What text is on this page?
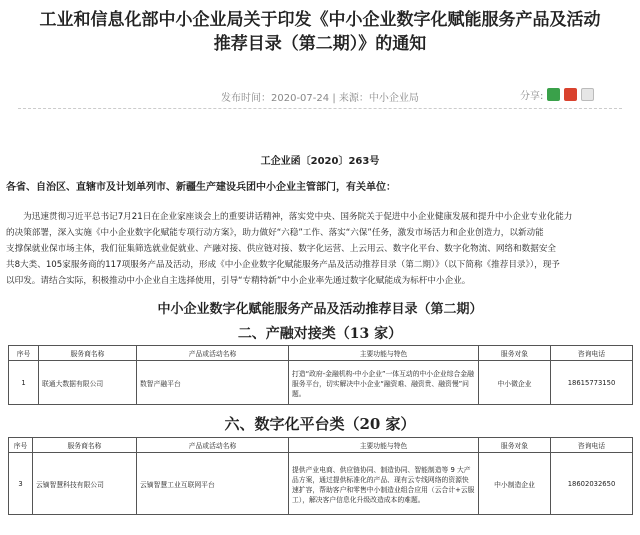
工业和信息化部中小企业局关于印发《中小企业数字化赋能服务产品及活动
推荐目录（第二期）》的通知
发布时间：2020-07-24 | 来源：中小企业局	分享:
工企业函〔2020〕263号
各省、自治区、直辖市及计划单列市、新疆生产建设兵团中小企业主管部门，有关单位：

为迅速贯彻习近平总书记7月21日在企业家座谈会上的重要讲话精神，落实党中央、国务院关于促进中小企业健康发展和提升中小企业专业化能力

的决策部署，深入实施《中小企业数字化赋能专项行动方案》，助力做好“六稳”工作、落实“六保”任务，激发市场活力和企业创造力，以新动能
支撑保就业保市场主体，我们征集筛选就业促就业、产融对接、供应链对接、数字化运营、上云用云、数字化平台、数字化物流、网络和数据安全
共8大类、105家服务商的117项服务产品及活动，形成《中小企业数字化赋能服务产品及活动推荐目录（第二期）》（以下简称《推荐目录》），现予
以印发。请结合实际，积极推动中小企业自主选择使用，引导“专精特新”中小企业率先通过数字化赋能成为标杆中小企业。
中小企业数字化赋能服务产品及活动推荐目录（第二期）
二、产融对接类（13 家）
序号	服务商名称	产品或活动名称	主要功能与特色	服务对象	咨询电话
1	联通大数据有限公司	数智产融平台	打造“政府-金融机构-中小企业”一体互动的中小企业综合金融服务平台，切实解决中小企业“融资难、融资贵、融资慢”问题。	中小微企业	18615773150
六、数字化平台类（20 家）
序号	服务商名称	产品或活动名称	主要功能与特色	服务对象	咨询电话
3	云镝智慧科技有限公司	云镝智慧工业互联网平台	提供产业电商、供应链协同、制造协同、智能制造等 9 大产品方案，通过提供标准化的产品、现有云专线网络的资源快速扩容，帮助客户和零售中小制造业组合应用（云合计+云服工），解决客户信息化升级改造成本的难题。	中小制造企业	18602032650
